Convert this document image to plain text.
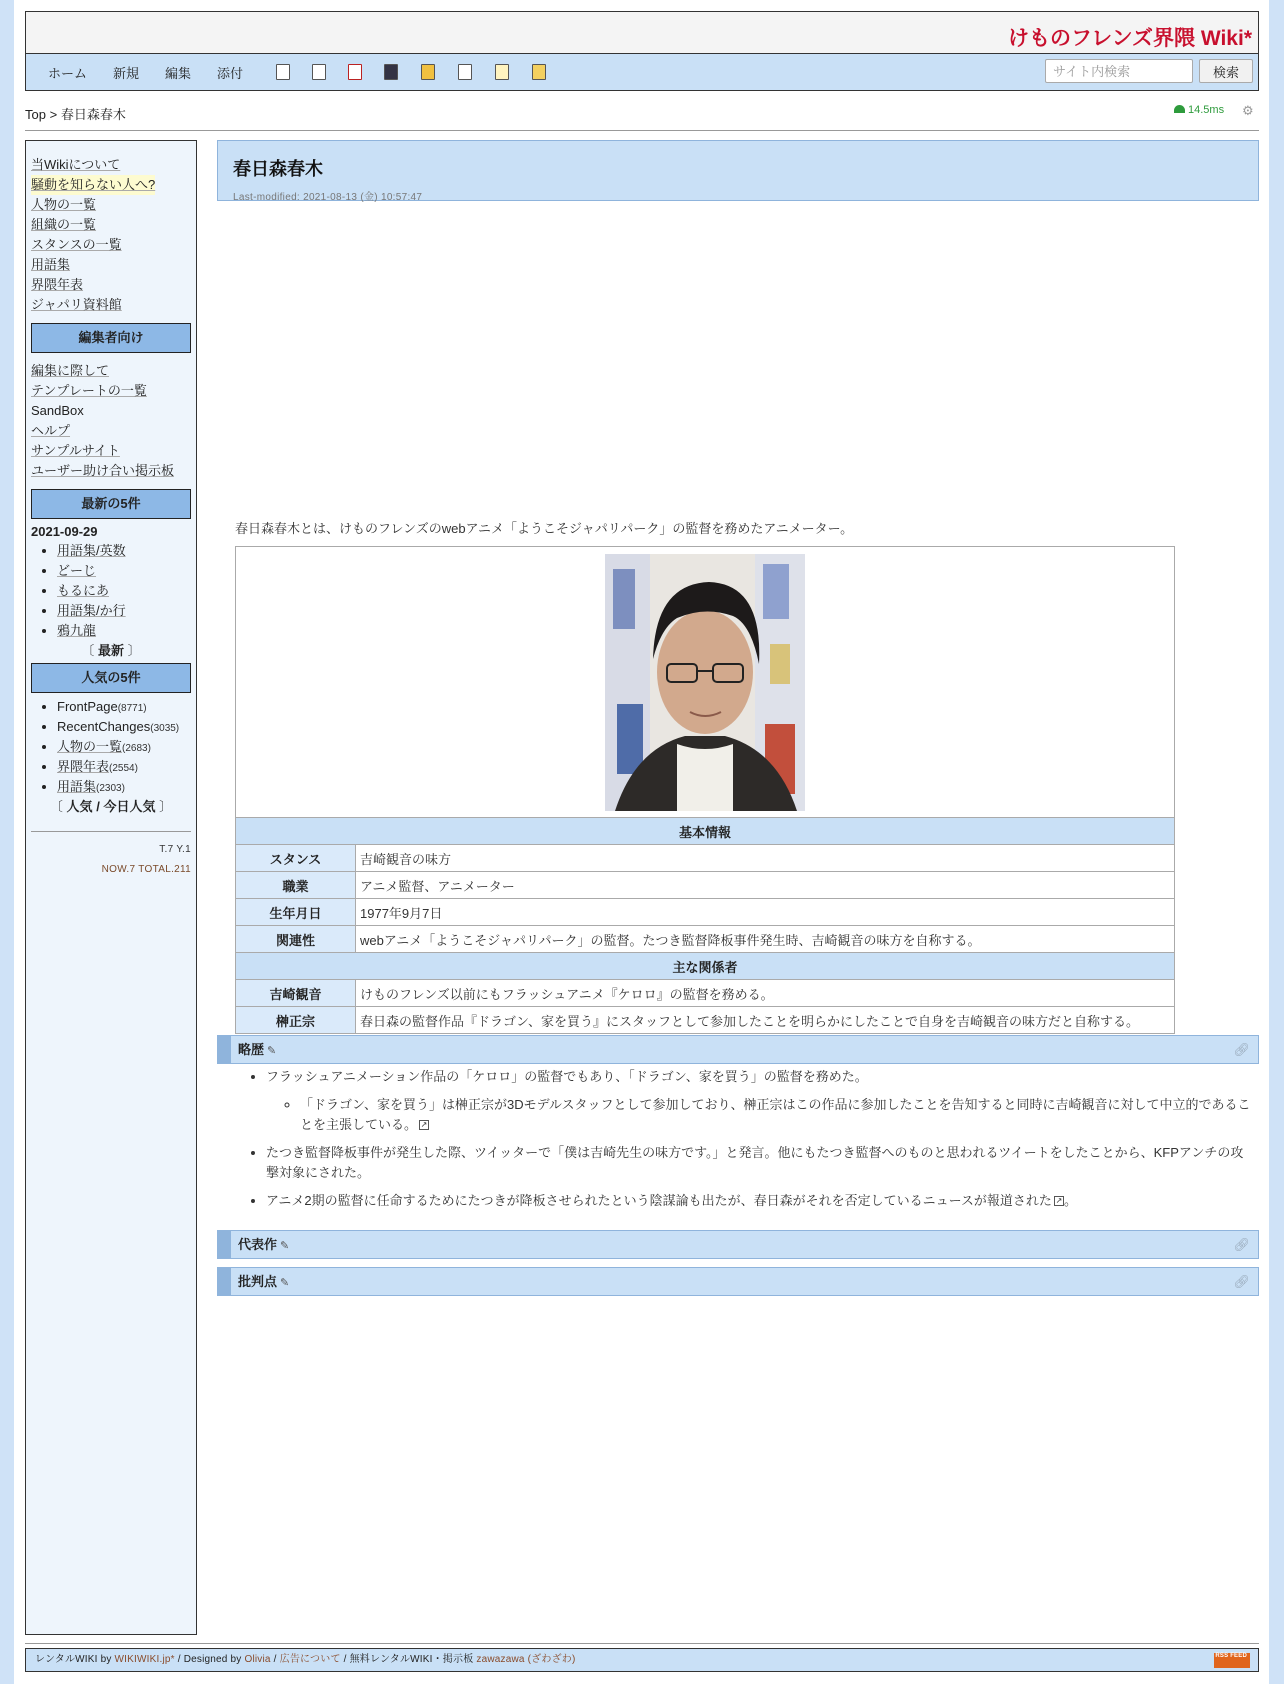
けものフレンズ界隈 Wiki*
ホーム 新規 編集 添付
サイト内検索	検索
Top > 春日森春木	14.5ms ⚙
当Wikiについて
騒動を知らない人へ?
人物の一覧
組織の一覧
スタンスの一覧
用語集
界隈年表
ジャパリ資料館
編集者向け
編集に際して
テンプレートの一覧
SandBox
ヘルプ
サンプルサイト
ユーザー助け合い掲示板
最新の5件
2021-09-29
• 用語集/英数
• どーじ
• もるにあ
• 用語集/か行
• 鴉九龍
〔 最新 〕
人気の5件
• FrontPage(8771)
• RecentChanges(3035)
• 人物の一覧(2683)
• 界隈年表(2554)
• 用語集(2303)
〔 人気 / 今日人気 〕
T.7 Y.1
NOW.7 TOTAL.211
春日森春木
Last-modified: 2021-08-13 (金) 10:57:47
春日森春木とは、けものフレンズのwebアニメ「ようこそジャパリパーク」の監督を務めたアニメーター。

基本情報	
スタンス	吉崎観音の味方
職業	アニメ監督、アニメーター
生年月日	1977年9月7日
関連性	webアニメ「ようこそジャパリパーク」の監督。たつき監督降板事件発生時、吉崎観音の味方を自称する。
主な関係者	
吉崎観音	けものフレンズ以前にもフラッシュアニメ『ケロロ』の監督を務める。
榊正宗	春日森の監督作品『ドラゴン、家を買う』にスタッフとして参加したことを明らかにしたことで自身を吉崎観音の味方だと自称する。
略歴 ✎	🔗︎
• フラッシュアニメーション作品の「ケロロ」の監督でもあり、「ドラゴン、家を買う」の監督を務めた。
◦ 「ドラゴン、家を買う」は榊正宗が3Dモデルスタッフとして参加しており、榊正宗はこの作品に参加したことを告知すると同時に吉崎観音に対して中立的であることを主張している。 ↗
• たつき監督降板事件が発生した際、ツイッターで「僕は吉崎先生の味方です。」と発言。他にもたつき監督へのものと思われるツイートをしたことから、KFPアンチの攻撃対象にされた。
• アニメ2期の監督に任命するためにたつきが降板させられたという陰謀論も出たが、春日森がそれを否定しているニュースが報道された ↗ 。
代表作 ✎	🔗︎
批判点 ✎	🔗︎
レンタルWIKI by WIKIWIKI.jp* / Designed by Olivia / 広告について / 無料レンタルWIKI・掲示板 zawazawa (ざわざわ)	RSS FEED
